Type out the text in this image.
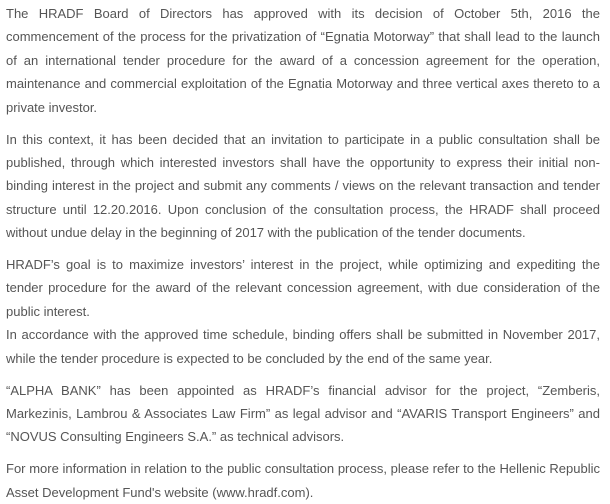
The HRADF Board of Directors has approved with its decision of October 5th, 2016 the commencement of the process for the privatization of “Egnatia Motorway” that shall lead to the launch of an international tender procedure for the award of a concession agreement for the operation, maintenance and commercial exploitation of the Egnatia Motorway and three vertical axes thereto to a private investor.

In this context, it has been decided that an invitation to participate in a public consultation shall be published, through which interested investors shall have the opportunity to express their initial non-binding interest in the project and submit any comments / views on the relevant transaction and tender structure until 12.20.2016. Upon conclusion of the consultation process, the HRADF shall proceed without undue delay in the beginning of 2017 with the publication of the tender documents.

HRADF’s goal is to maximize investors’ interest in the project, while optimizing and expediting the tender procedure for the award of the relevant concession agreement, with due consideration of the public interest.

In accordance with the approved time schedule, binding offers shall be submitted in November 2017, while the tender procedure is expected to be concluded by the end of the same year.

“ALPHA BANK” has been appointed as HRADF’s financial advisor for the project, “Zemberis, Markezinis, Lambrou & Associates Law Firm” as legal advisor and “AVARIS Transport Engineers” and “NOVUS Consulting Engineers S.A.” as technical advisors.

For more information in relation to the public consultation process, please refer to the Hellenic Republic Asset Development Fund's website (www.hradf.com).
